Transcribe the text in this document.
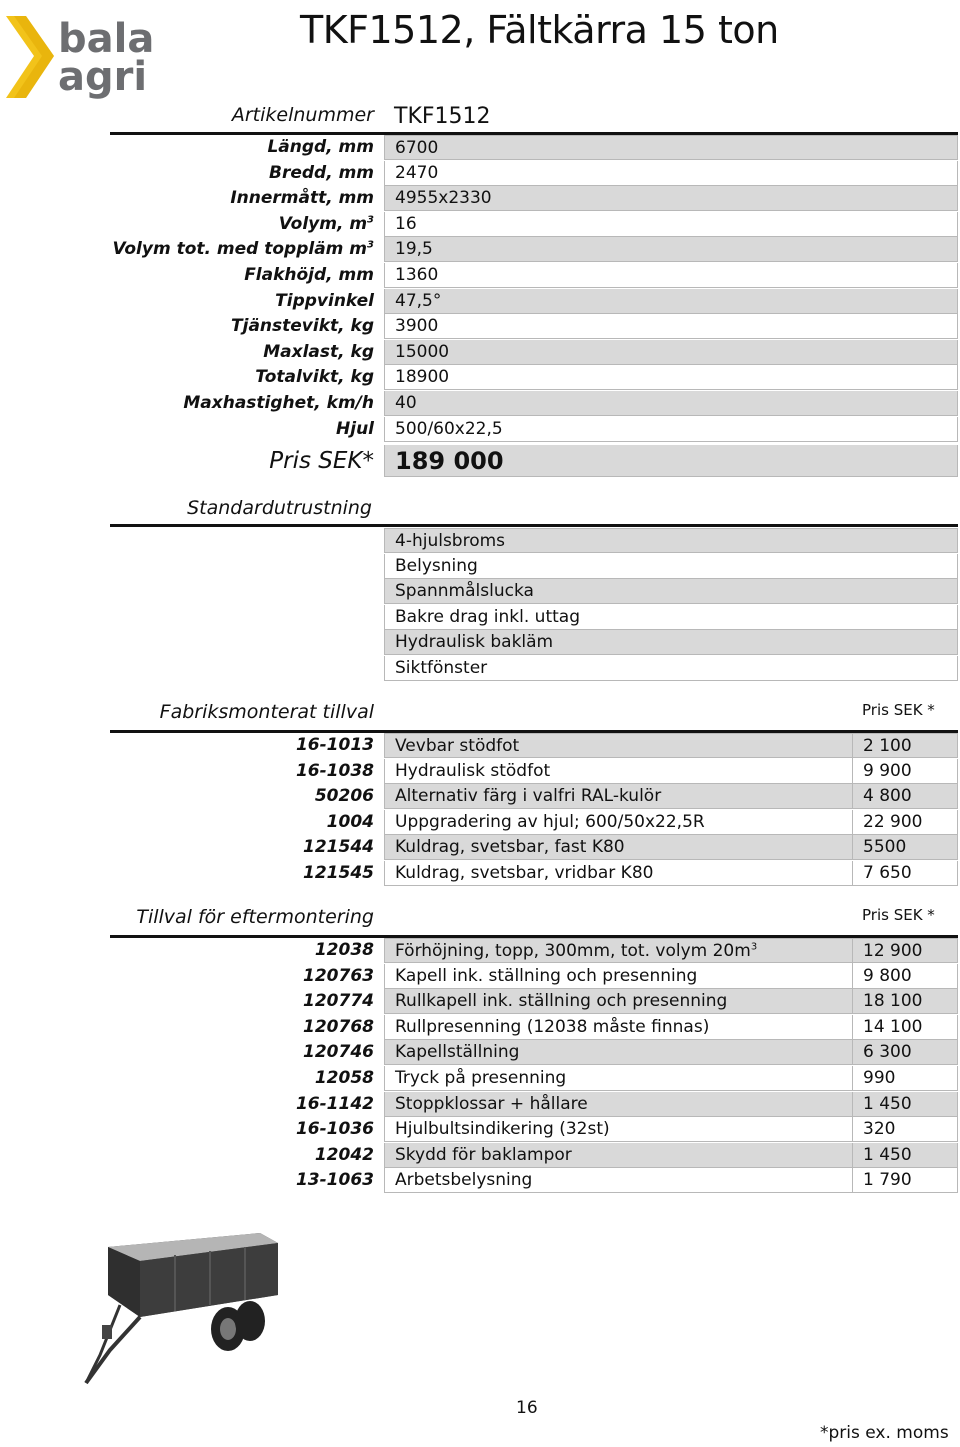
bala
agri
TKF1512, Fältkärra 15 ton
Artikelnummer TKF1512
Längd, mm	6700
Bredd, mm	2470
Innermått, mm	4955x2330
Volym, $m^3$	16
Volym tot. med toppläm $m^3$	19,5
Flakhöjd, mm	1360
Tippvinkel	47,5°
Tjänstevikt, kg	3900
Maxlast, kg	15000
Totalvikt, kg	18900
Maxhastighet, km/h	40
Hjul	500/60x22,5
Pris SEK* 189 000
Standardutrustning
4-hjulsbroms
Belysning
Spannmålslucka
Bakre drag inkl. uttag
Hydraulisk bakläm
Siktfönster
Fabriksmonterat tillval	Pris SEK *
16-1013 Vevbar stödfot	2 100
16-1038 Hydraulisk stödfot	9 900
50206 Alternativ färg i valfri RAL-kulör	4 800
1004 Uppgradering av hjul; 600/50x22,5R	22 900
121544 Kuldrag, svetsbar, fast K80	5500
121545 Kuldrag, svetsbar, vridbar K80	7 650
Tillval för eftermontering	Pris SEK *
12038 Förhöjning, topp, 300mm, tot. volym $20m^3$	12 900
120763 Kapell ink. ställning och presenning	9 800
120774 Rullkapell ink. ställning och presenning	18 100
120768 Rullpresenning (12038 måste finnas)	14 100
120746 Kapellställning	6 300
12058 Tryck på presenning	990
16-1142 Stoppklossar + hållare	1 450
16-1036 Hjulbultsindikering (32st)	320
12042 Skydd för baklampor	1 450
13-1063 Arbetsbelysning	1 790
16
*pris ex. moms
